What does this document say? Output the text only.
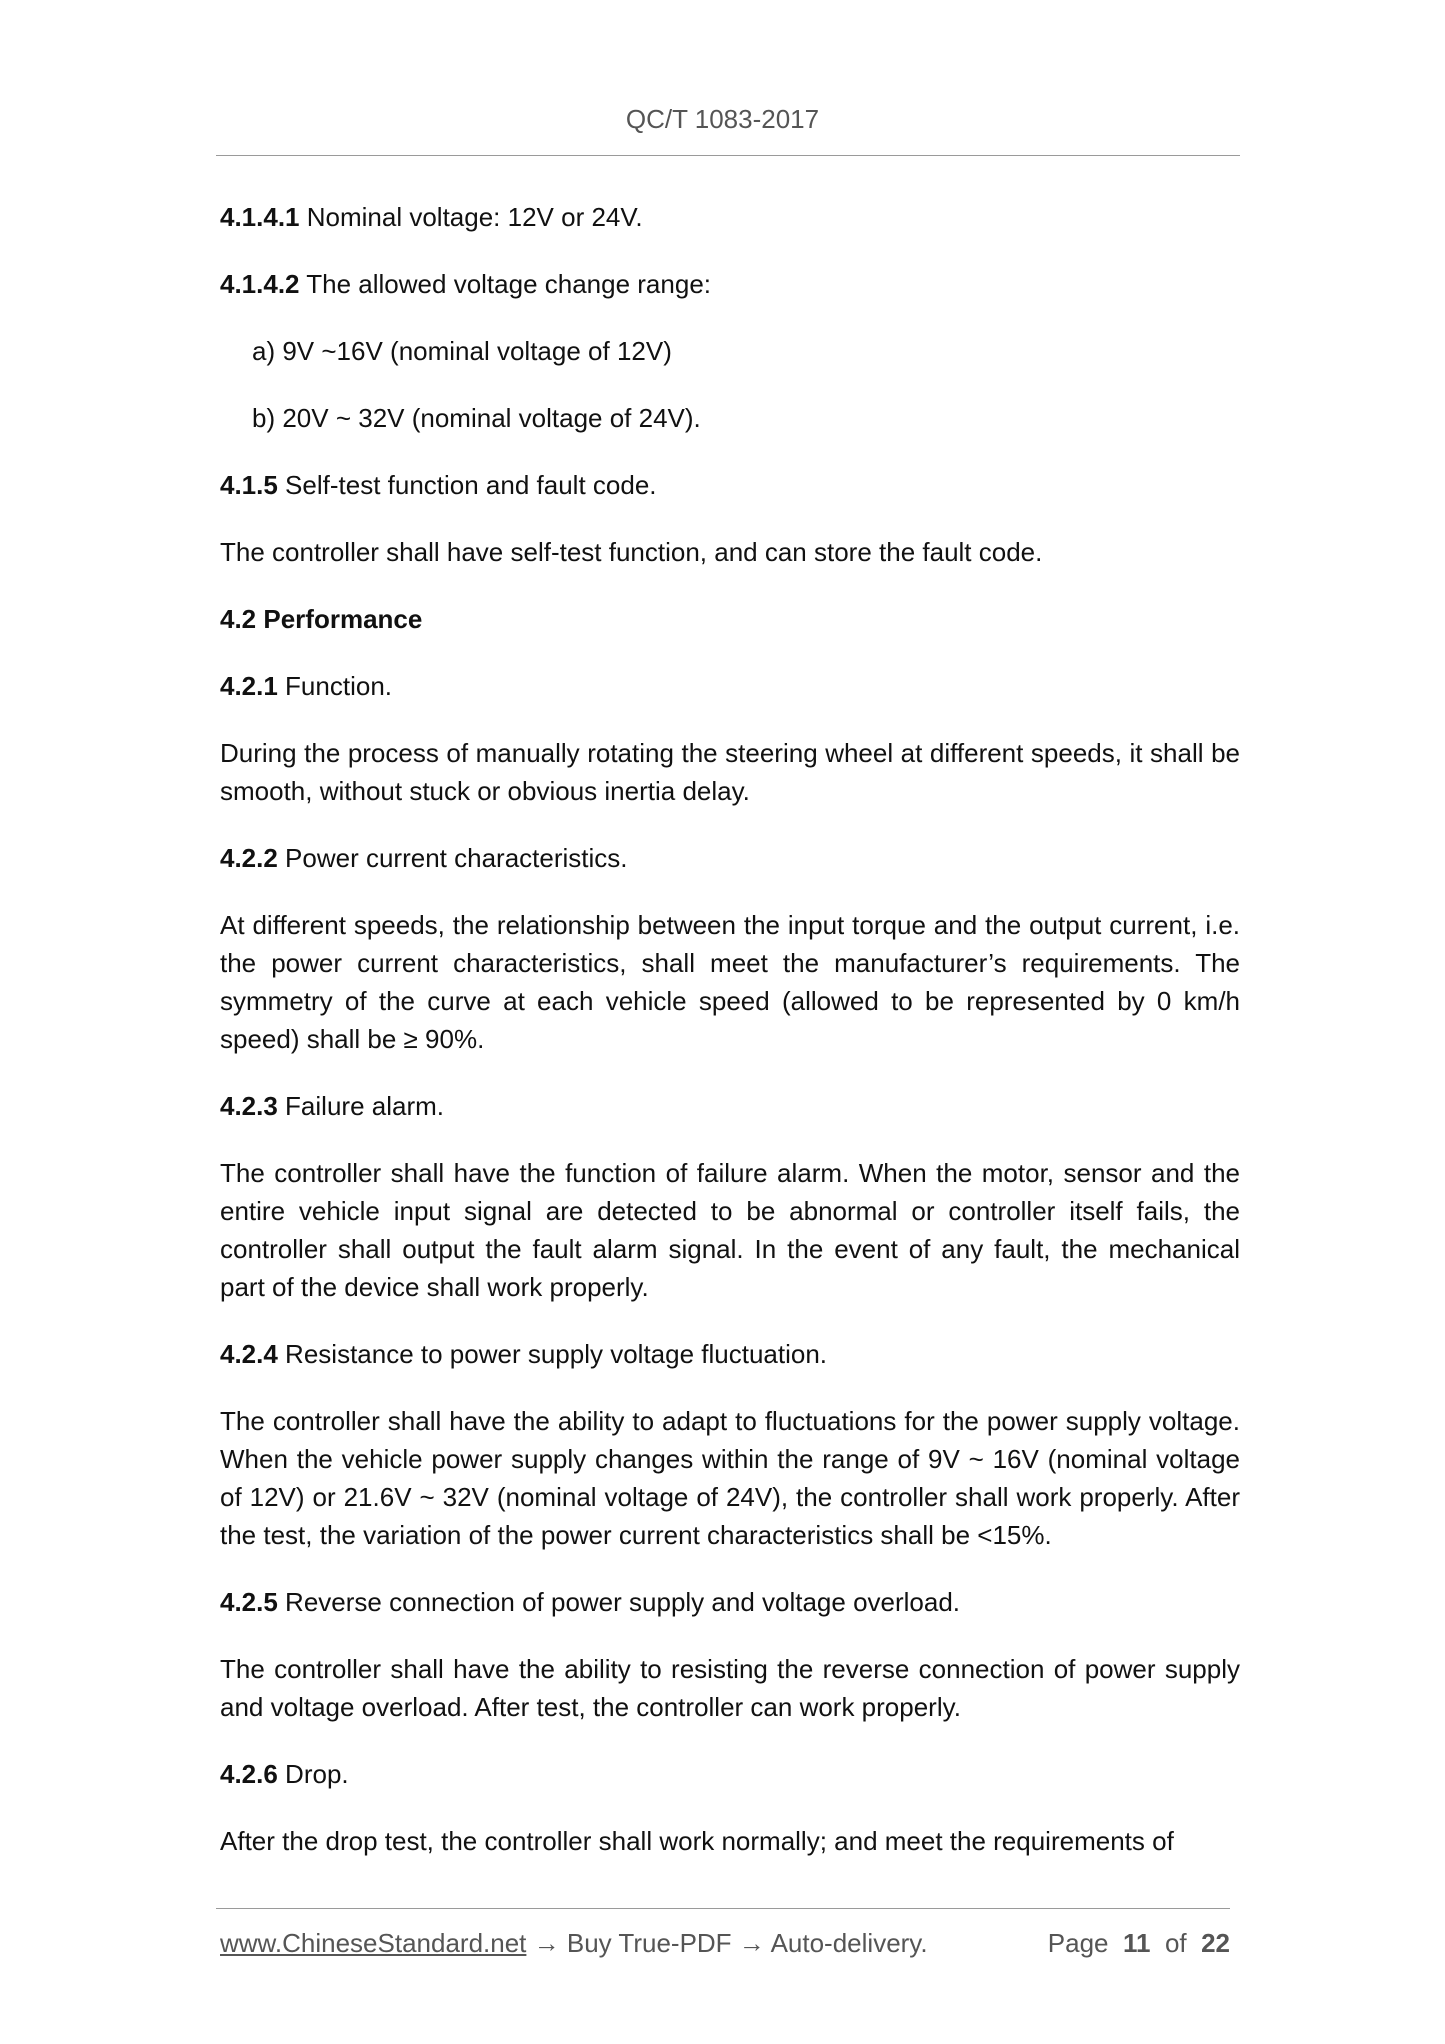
QC/T 1083-2017

4.1.4.1 Nominal voltage: 12V or 24V.

4.1.4.2 The allowed voltage change range:

a) 9V ~16V (nominal voltage of 12V)

b) 20V ~ 32V (nominal voltage of 24V).

4.1.5 Self-test function and fault code.

The controller shall have self-test function, and can store the fault code.

4.2 Performance

4.2.1 Function.

During the process of manually rotating the steering wheel at different speeds, it shall be smooth, without stuck or obvious inertia delay.

4.2.2 Power current characteristics.

At different speeds, the relationship between the input torque and the output current, i.e. the power current characteristics, shall meet the manufacturer’s requirements. The symmetry of the curve at each vehicle speed (allowed to be represented by 0 km/h speed) shall be ≥ 90%.

4.2.3 Failure alarm.

The controller shall have the function of failure alarm. When the motor, sensor and the entire vehicle input signal are detected to be abnormal or controller itself fails, the controller shall output the fault alarm signal. In the event of any fault, the mechanical part of the device shall work properly.

4.2.4 Resistance to power supply voltage fluctuation.

The controller shall have the ability to adapt to fluctuations for the power supply voltage. When the vehicle power supply changes within the range of 9V ~ 16V (nominal voltage of 12V) or 21.6V ~ 32V (nominal voltage of 24V), the controller shall work properly. After the test, the variation of the power current characteristics shall be <15%.

4.2.5 Reverse connection of power supply and voltage overload.

The controller shall have the ability to resisting the reverse connection of power supply and voltage overload. After test, the controller can work properly.

4.2.6 Drop.

After the drop test, the controller shall work normally; and meet the requirements of

www.ChineseStandard.net → Buy True-PDF → Auto-delivery.	Page 11 of 22
